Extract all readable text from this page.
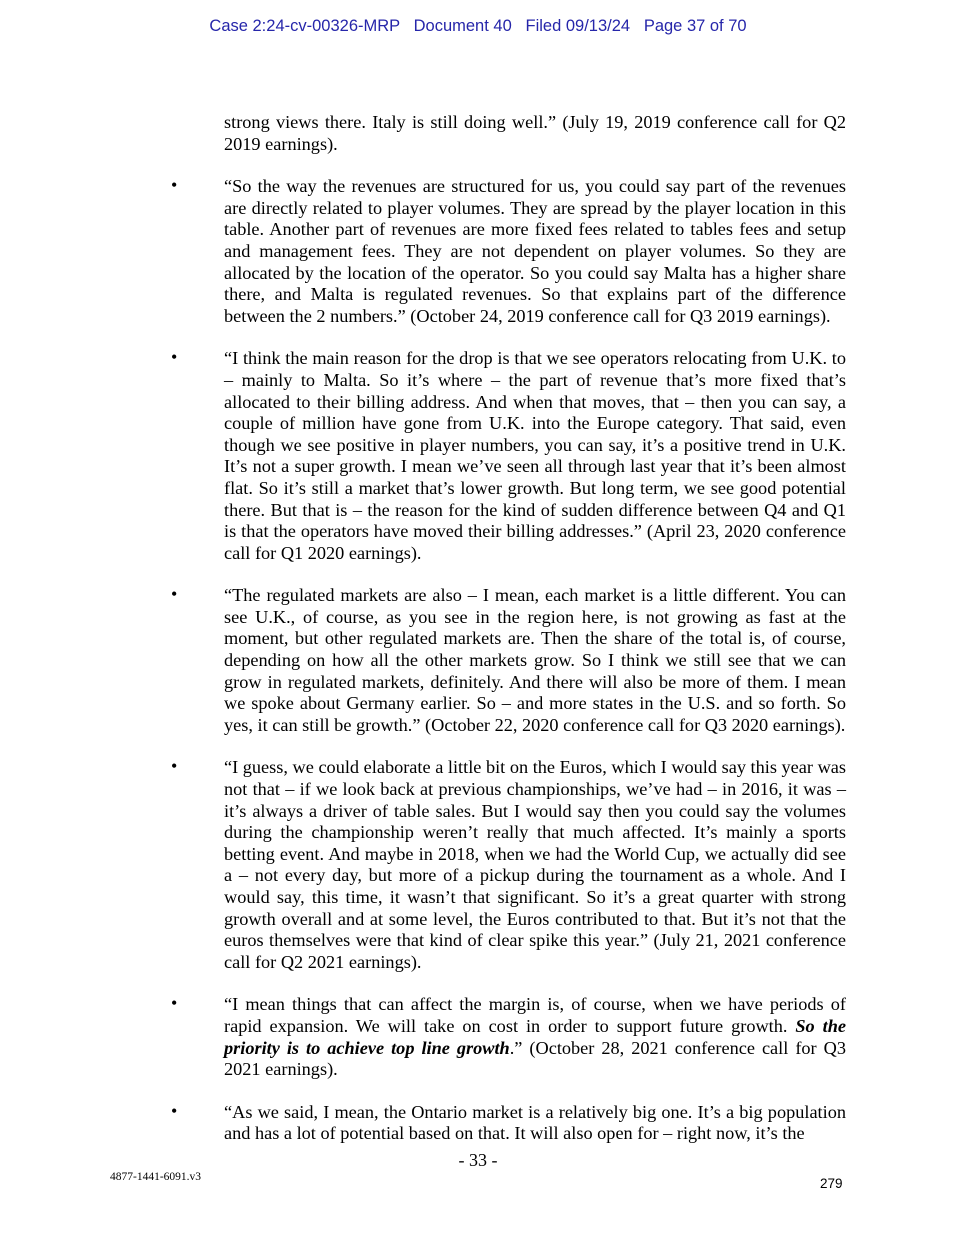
Case 2:24-cv-00326-MRP   Document 40   Filed 09/13/24   Page 37 of 70

strong views there. Italy is still doing well.” (July 19, 2019 conference call for Q2 2019 earnings).

•	“So the way the revenues are structured for us, you could say part of the revenues are directly related to player volumes. They are spread by the player location in this table. Another part of revenues are more fixed fees related to tables fees and setup and management fees. They are not dependent on player volumes. So they are allocated by the location of the operator. So you could say Malta has a higher share there, and Malta is regulated revenues. So that explains part of the difference between the 2 numbers.” (October 24, 2019 conference call for Q3 2019 earnings).
•	“I think the main reason for the drop is that we see operators relocating from U.K. to – mainly to Malta. So it’s where – the part of revenue that’s more fixed that’s allocated to their billing address. And when that moves, that – then you can say, a couple of million have gone from U.K. into the Europe category. That said, even though we see positive in player numbers, you can say, it’s a positive trend in U.K. It’s not a super growth. I mean we’ve seen all through last year that it’s been almost flat. So it’s still a market that’s lower growth. But long term, we see good potential there. But that is – the reason for the kind of sudden difference between Q4 and Q1 is that the operators have moved their billing addresses.” (April 23, 2020 conference call for Q1 2020 earnings).
•	“The regulated markets are also – I mean, each market is a little different. You can see U.K., of course, as you see in the region here, is not growing as fast at the moment, but other regulated markets are. Then the share of the total is, of course, depending on how all the other markets grow. So I think we still see that we can grow in regulated markets, definitely. And there will also be more of them. I mean we spoke about Germany earlier. So – and more states in the U.S. and so forth. So yes, it can still be growth.” (October 22, 2020 conference call for Q3 2020 earnings).
•	“I guess, we could elaborate a little bit on the Euros, which I would say this year was not that – if we look back at previous championships, we’ve had – in 2016, it was – it’s always a driver of table sales. But I would say then you could say the volumes during the championship weren’t really that much affected. It’s mainly a sports betting event. And maybe in 2018, when we had the World Cup, we actually did see a – not every day, but more of a pickup during the tournament as a whole. And I would say, this time, it wasn’t that significant. So it’s a great quarter with strong growth overall and at some level, the Euros contributed to that. But it’s not that the euros themselves were that kind of clear spike this year.” (July 21, 2021 conference call for Q2 2021 earnings).
•	“I mean things that can affect the margin is, of course, when we have periods of rapid expansion. We will take on cost in order to support future growth. So the priority is to achieve top line growth.” (October 28, 2021 conference call for Q3 2021 earnings).
•	“As we said, I mean, the Ontario market is a relatively big one. It’s a big population and has a lot of potential based on that. It will also open for – right now, it’s the
- 33 -
4877-1441-6091.v3	279
